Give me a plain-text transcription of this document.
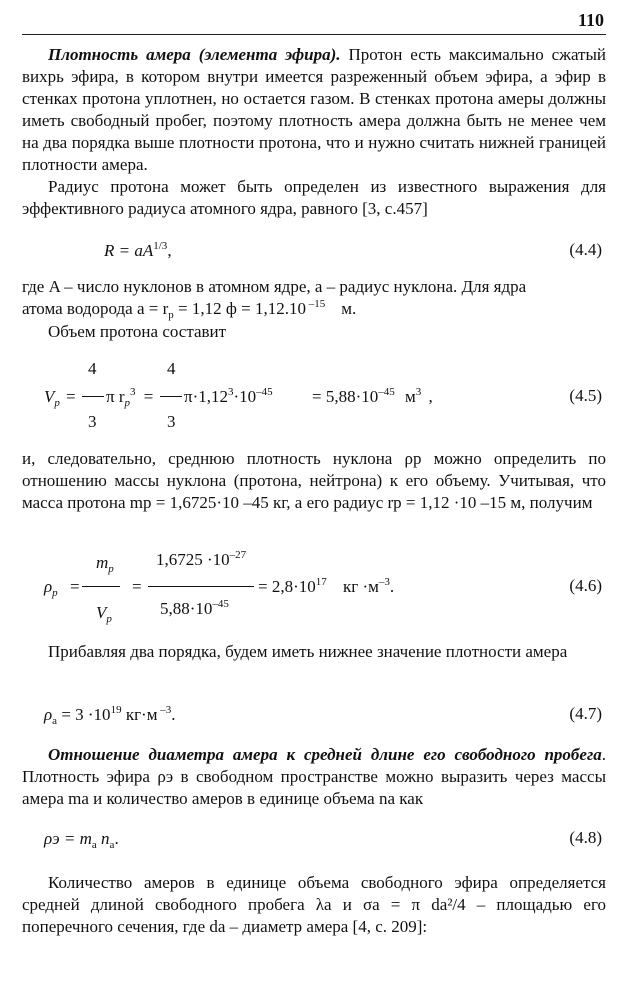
110
Плотность амера (элемента эфира). Протон есть максимально сжатый вихрь эфира, в котором внутри имеется разреженный объем эфира, а эфир в стенках протона уплотнен, но остается газом. В стенках протона амеры должны иметь свободный пробег, поэтому плотность амера должна быть не менее чем на два порядка выше плотности протона, что и нужно считать нижней границей плотности амера.
Радиус протона может быть определен из известного выражения для эффективного радиуса атомного ядра, равного [3, с.457]
$R = aA^{1/3}$,	(4.4)
где A – число нуклонов в атомном ядре, a – радиус нуклона. Для ядра
атома водорода $a = r_p = 1,12$ ф = 1,12.10 $^{-15}$ м.
Объем протона составит
4	4
$V_p = \pi$ $r_p^3 = \pi\cdot 1,12^3\cdot 10^{-45} = 5,88\cdot 10^{-45}$ $м^3$ ,
3	3
(4.5)
и, следовательно, среднюю плотность нуклона ρp можно определить по отношению массы нуклона (протона, нейтрона) к его объему. Учитывая, что масса протона mp = 1,6725·10 –45 кг, а его радиус rp = 1,12 ·10 –15 м, получим
$m_p$ $1,6725 \cdot 10^{-27}$
$\rho_p$ =	=	= $2,8\cdot 10^{17}$ кг $\cdot м^{-3}$.
$V_p$
$5,88\cdot 10^{-45}$
(4.6)
Прибавляя два порядка, будем иметь нижнее значение плотности амера
$\rho_a = 3 \cdot 10^{19}$ кг·м $^{-3}$.	(4.7)
Отношение диаметра амера к средней длине его свободного пробега. Плотность эфира ρэ в свободном пространстве можно выразить через массы амера mа и количество амеров в единице объема nа как
$\rho э = m_а$ $n_а$.	(4.8)
Количество амеров в единице объема свободного эфира определяется средней длиной свободного пробега λа и σа = π dа²/4 – площадью его поперечного сечения, где dа – диаметр амера [4, с. 209]:
